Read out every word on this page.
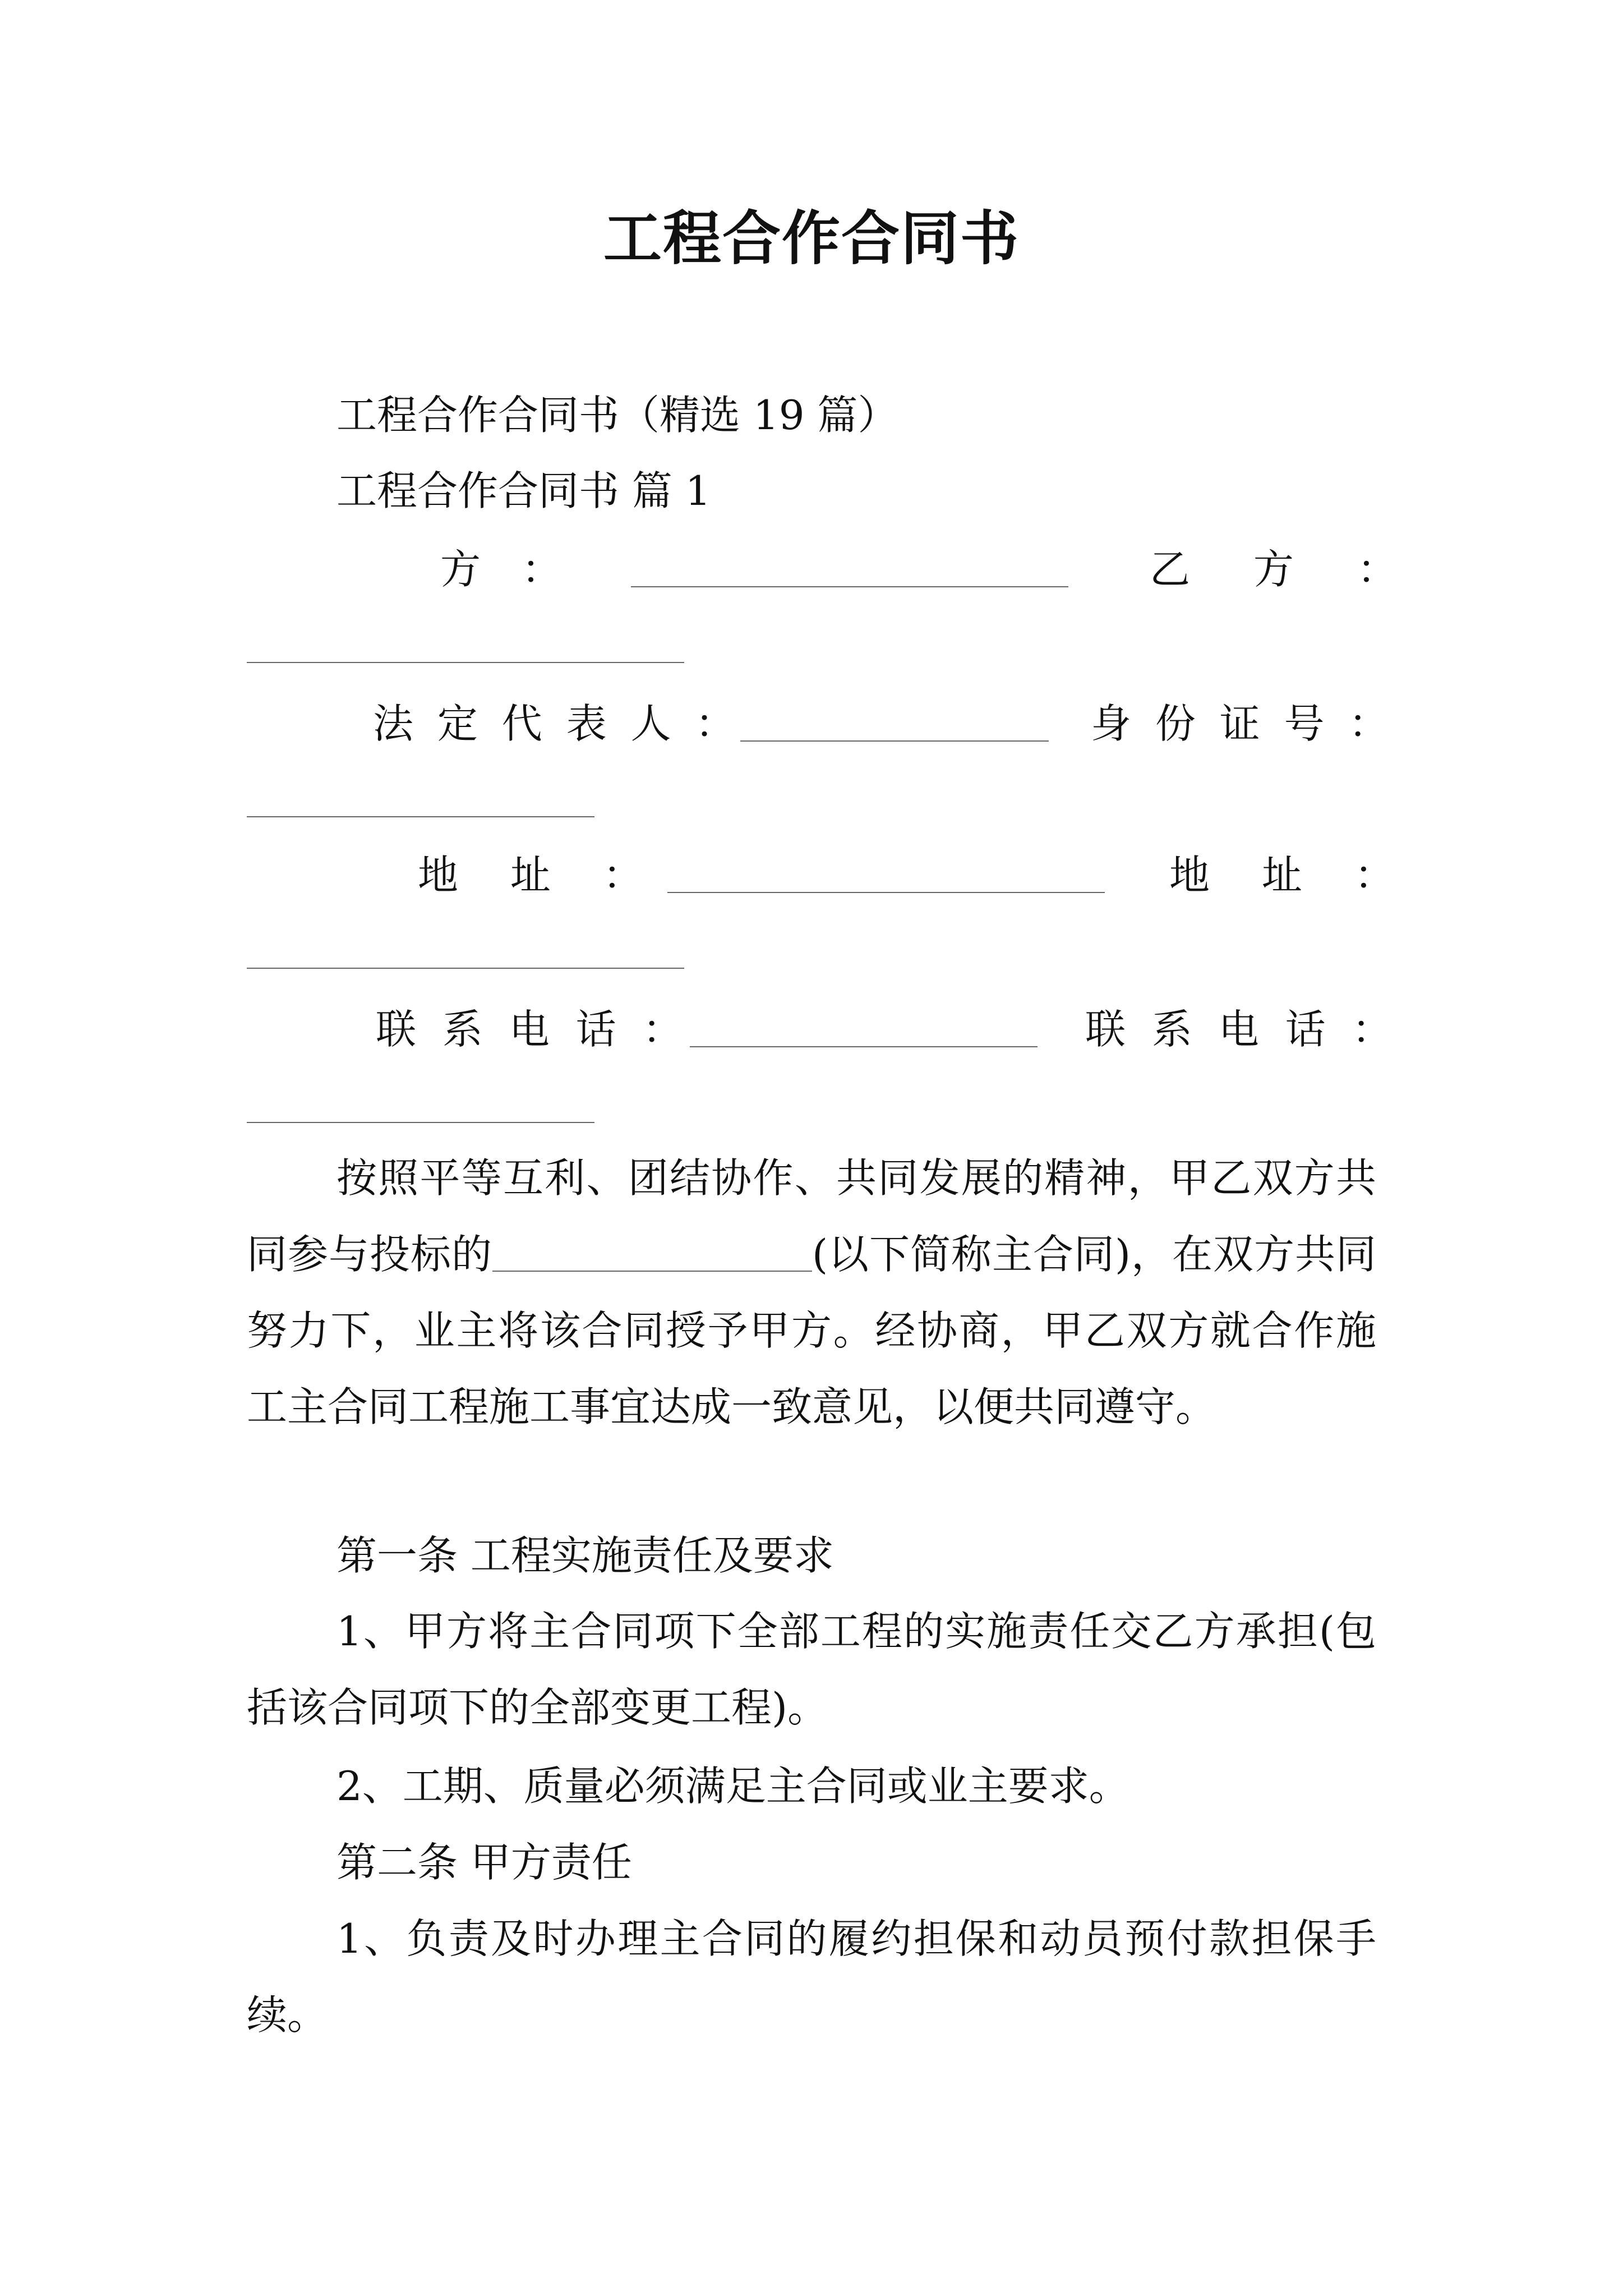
工程合作合同书
工程合作合同书（精选 19 篇）
工程合作合同书 篇 1
方 ：	乙 方 ：
法 定 代 表 人 ：	身 份 证 号 ：
地 址 ：	地 址 ：
联 系 电 话 ：	联 系 电 话 ：
按照平等互利、团结协作、共同发展的精神，甲乙双方共同参与投标的	(以下简称主合同)，在双方共同努力下，业主将该合同授予甲方。经协商，甲乙双方就合作施工主合同工程施工事宜达成一致意见，以便共同遵守。
第一条 工程实施责任及要求
1、甲方将主合同项下全部工程的实施责任交乙方承担(包括该合同项下的全部变更工程)。
2、工期、质量必须满足主合同或业主要求。
第二条 甲方责任
1、负责及时办理主合同的履约担保和动员预付款担保手续。
